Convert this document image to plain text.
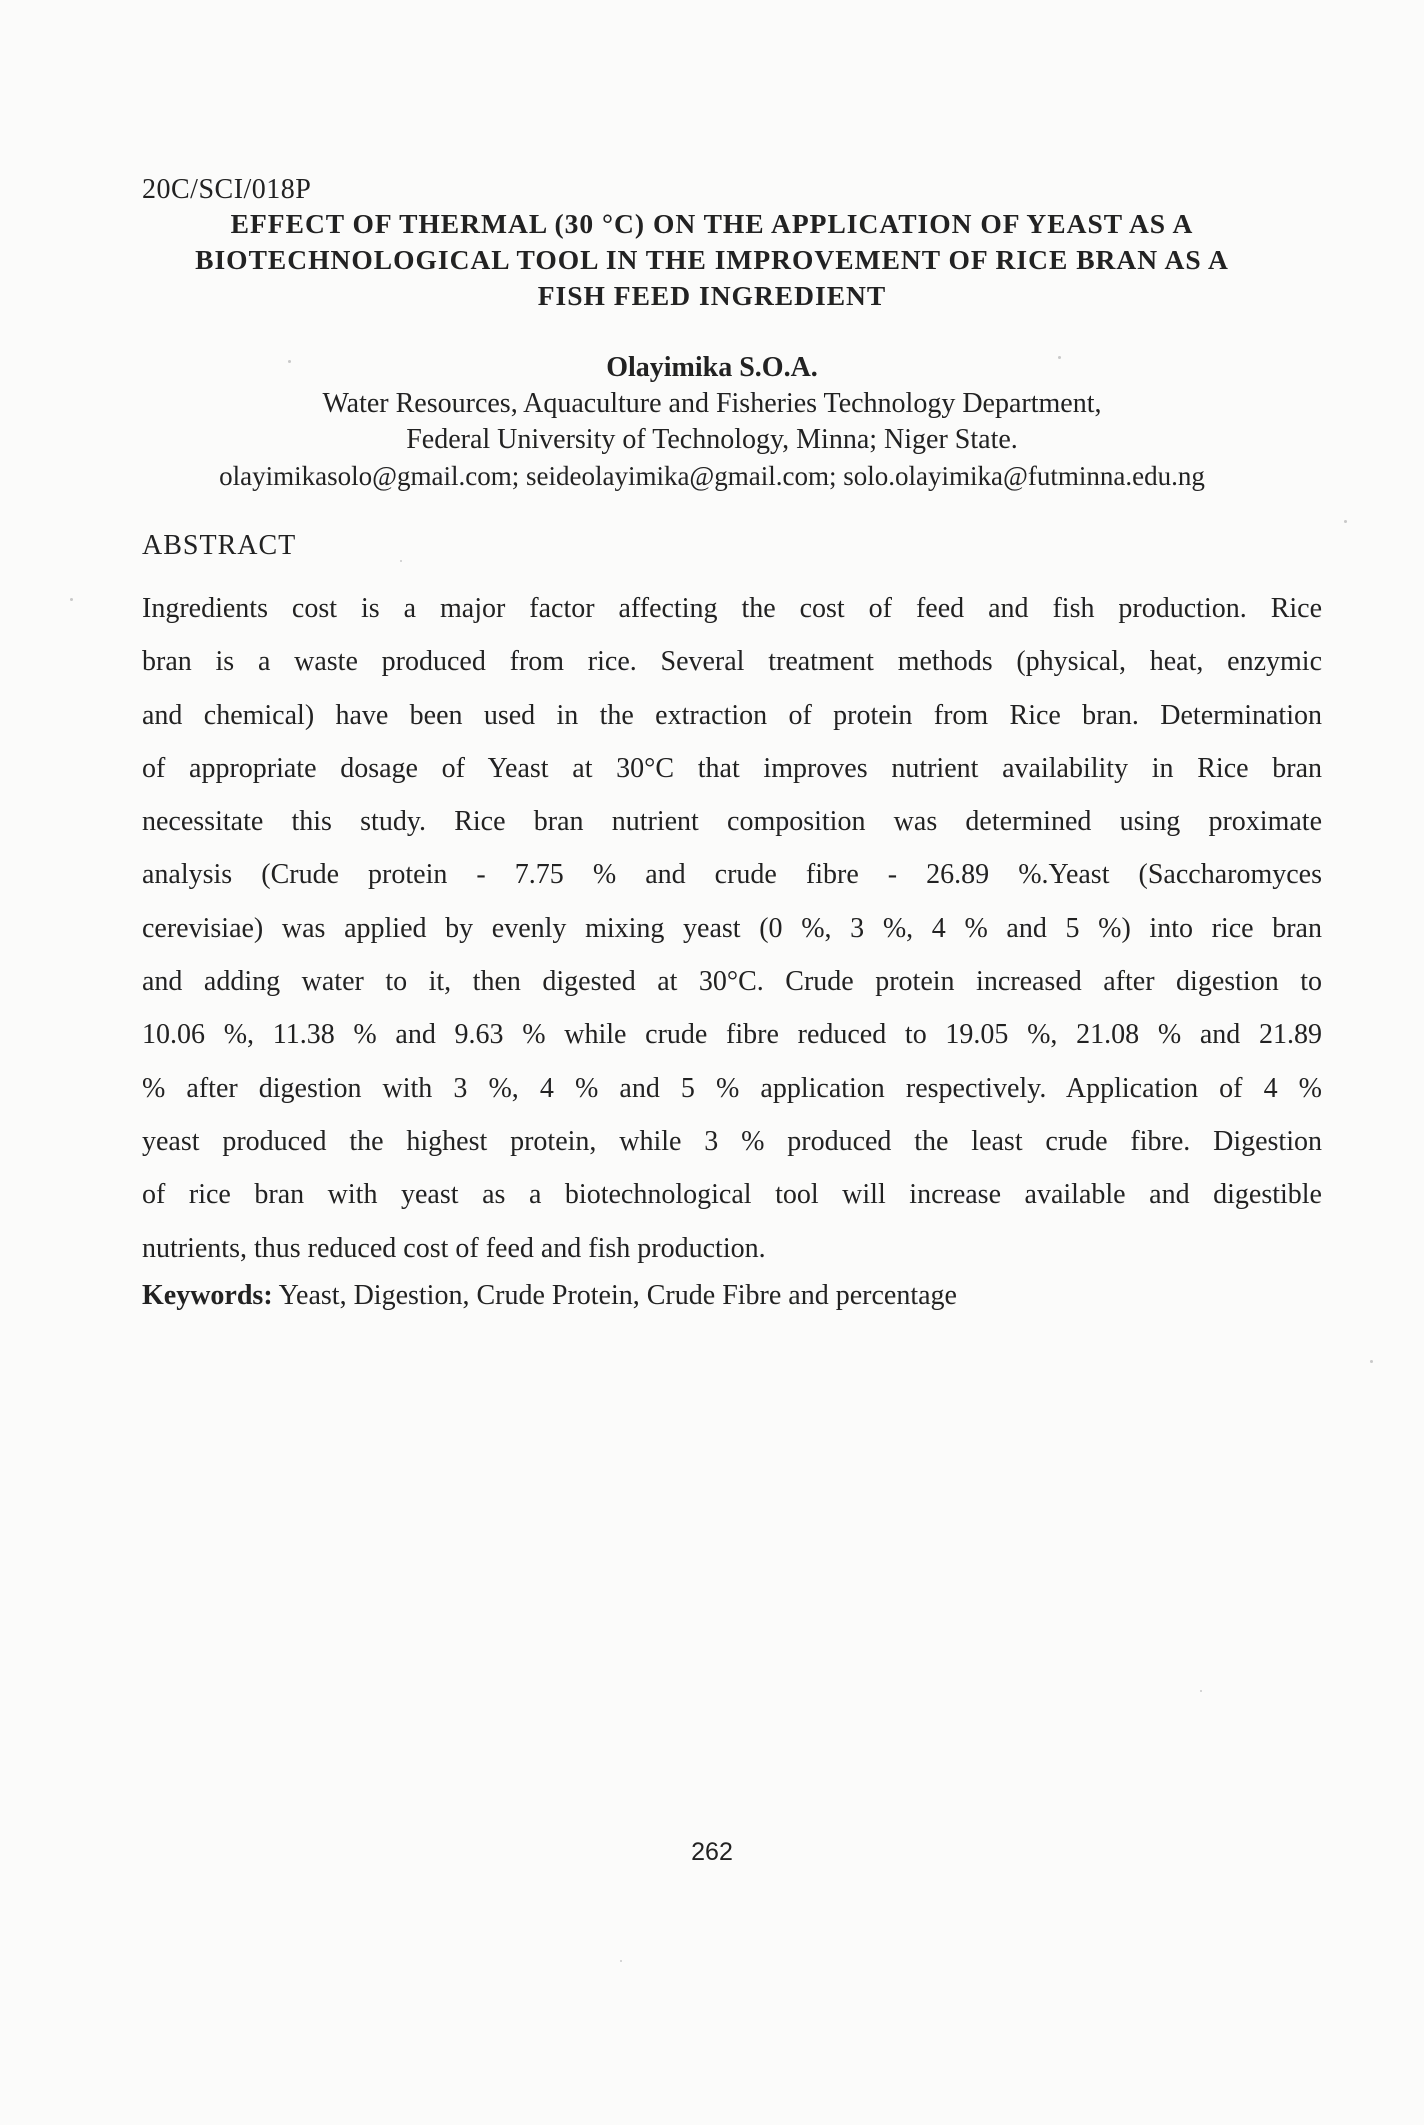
20C/SCI/018P
EFFECT OF THERMAL (30 °C) ON THE APPLICATION OF YEAST AS A
BIOTECHNOLOGICAL TOOL IN THE IMPROVEMENT OF RICE BRAN AS A
FISH FEED INGREDIENT
Olayimika S.O.A.
Water Resources, Aquaculture and Fisheries Technology Department,
Federal University of Technology, Minna; Niger State.
olayimikasolo@gmail.com; seideolayimika@gmail.com; solo.olayimika@futminna.edu.ng
ABSTRACT
Ingredients cost is a major factor affecting the cost of feed and fish production. Rice
bran is a waste produced from rice. Several treatment methods (physical, heat, enzymic
and chemical) have been used in the extraction of protein from Rice bran. Determination
of appropriate dosage of Yeast at 30°C that improves nutrient availability in Rice bran
necessitate this study. Rice bran nutrient composition was determined using proximate
analysis (Crude protein - 7.75 % and crude fibre - 26.89 %.Yeast (Saccharomyces
cerevisiae) was applied by evenly mixing yeast (0 %, 3 %, 4 % and 5 %) into rice bran
and adding water to it, then digested at 30°C. Crude protein increased after digestion to
10.06 %, 11.38 % and 9.63 % while crude fibre reduced to 19.05 %, 21.08 % and 21.89
% after digestion with 3 %, 4 % and 5 % application respectively. Application of 4 %
yeast produced the highest protein, while 3 % produced the least crude fibre. Digestion
of rice bran with yeast as a biotechnological tool will increase available and digestible
nutrients, thus reduced cost of feed and fish production.
Keywords: Yeast, Digestion, Crude Protein, Crude Fibre and percentage
262
